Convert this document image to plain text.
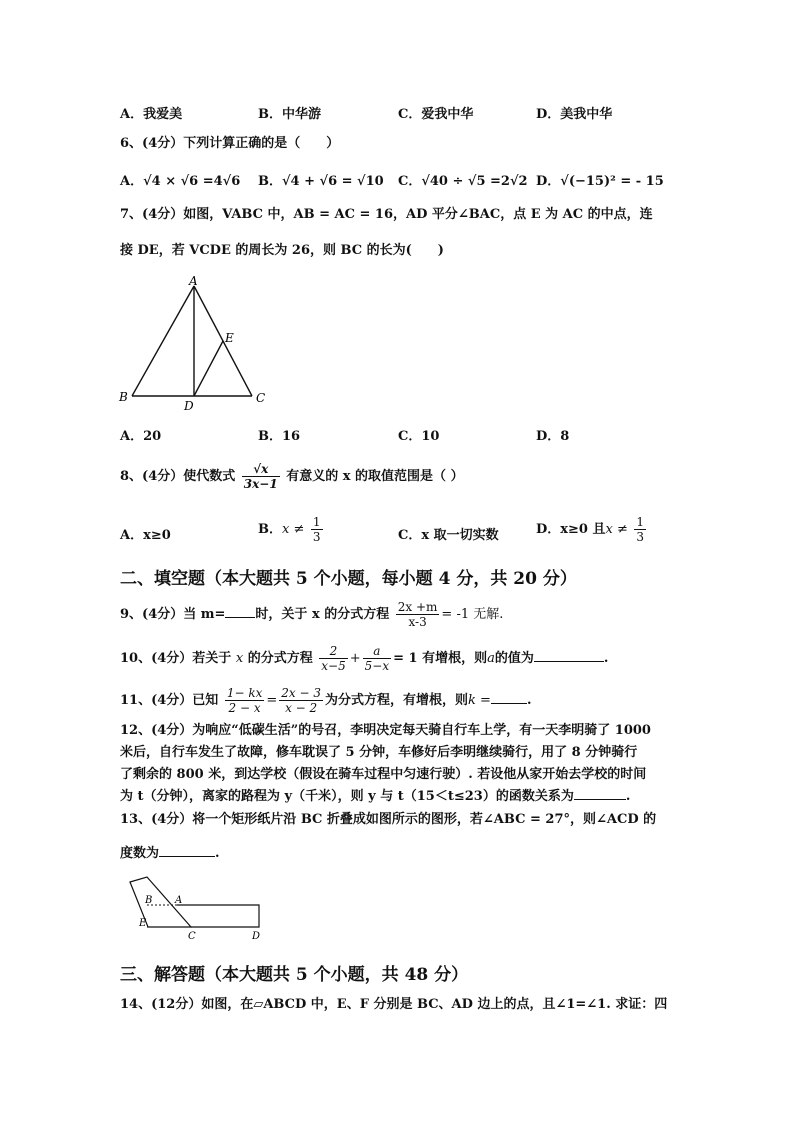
A．我爱美	B．中华游	C．爱我中华	D．美我中华
6、(4分）下列计算正确的是（　　）
A．√4 × √6 =4√6 B．√4 + √6 = √10 C．√40 ÷ √5 =2√2 D．√(−15)² = - 15
7、(4分）如图，VABC 中，AB = AC = 16，AD 平分∠BAC，点 E 为 AC 的中点，连
接 DE，若 VCDE 的周长为 26，则 BC 的长为(　　)
A
B	C
D
E
A．20	B．16	C．10	D．8
8、(4分）使代数式 $\frac{√x}{3x-1}$ 有意义的 x 的取值范围是（ ）
A．x≥0	B．$x \ne \frac{1}{3}$	C．x 取一切实数	D．x≥0 且$x \ne \frac{1}{3}$
二、填空题（本大题共 5 个小题，每小题 4 分，共 20 分）
9、(4分）当 m= 时，关于 x 的分式方程 $\frac{2x +m}{x-3} = -1$ 无解.
10、(4分）若关于 x 的分式方程 $\frac{2}{x-5} + \frac{a}{5-x} = 1$ 有增根，则a的值为	.
11、(4分）已知 $\frac{1- kx}{2 - x} = \frac{2x - 3}{x - 2}$ 为分式方程，有增根，则k =	.
12、(4分）为响应“低碳生活”的号召，李明决定每天骑自行车上学，有一天李明骑了 1000
米后，自行车发生了故障，修车耽误了 5 分钟，车修好后李明继续骑行，用了 8 分钟骑行
了剩余的 800 米，到达学校（假设在骑车过程中匀速行驶）. 若设他从家开始去学校的时间
为 t（分钟），离家的路程为 y（千米），则 y 与 t（15＜t≤23）的函数关系为	.
13、(4分）将一个矩形纸片沿 BC 折叠成如图所示的图形，若∠ABC = 27°，则∠ACD 的
度数为	.
B A
E
C	D
三、解答题（本大题共 5 个小题，共 48 分）
14、(12分）如图，在▱ABCD 中，E、F 分别是 BC、AD 边上的点，且∠1=∠1. 求证：四
